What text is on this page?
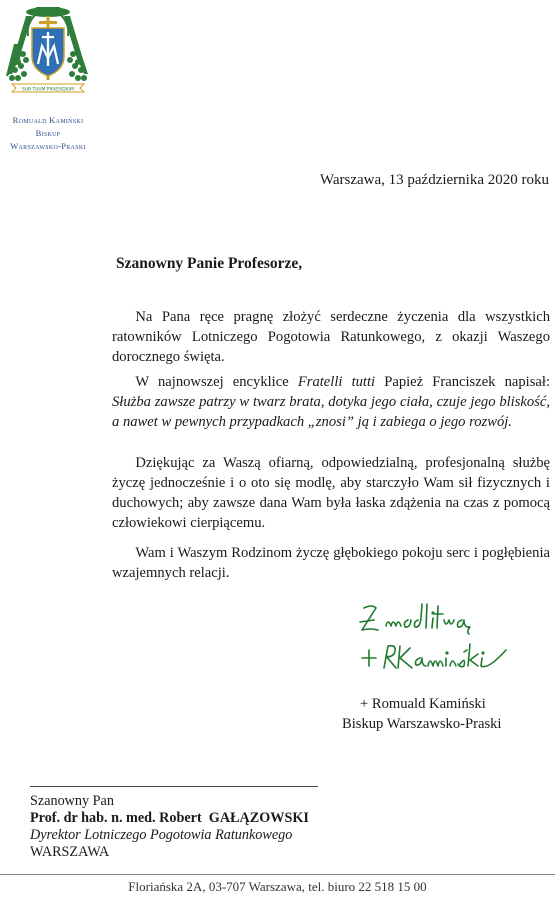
SUB TUUM PRAESIDIUM
Romuald Kamiński
Biskup
Warszawsko-Praski
Warszawa, 13 października 2020 roku
Szanowny Panie Profesorze,
Na Pana ręce pragnę złożyć serdeczne życzenia dla wszystkich ratowników Lotniczego Pogotowia Ratunkowego, z okazji Waszego dorocznego święta.
W najnowszej encyklice Fratelli tutti Papież Franciszek napisał: Służba zawsze patrzy w twarz brata, dotyka jego ciała, czuje jego bliskość, a nawet w pewnych przypadkach „znosi” ją i zabiega o jego rozwój.
Dziękując za Waszą ofiarną, odpowiedzialną, profesjonalną służbę życzę jednocześnie i o oto się modlę, aby starczyło Wam sił fizycznych i duchowych; aby zawsze dana Wam była łaska zdążenia na czas z pomocą człowiekowi cierpiącemu.
Wam i Waszym Rodzinom życzę głębokiego pokoju serc i pogłębienia wzajemnych relacji.
+ Romuald Kamiński
Biskup Warszawsko-Praski
Szanowny Pan
Prof. dr hab. n. med. Robert  GAŁĄZOWSKI
Dyrektor Lotniczego Pogotowia Ratunkowego
WARSZAWA
Floriańska 2A, 03-707 Warszawa, tel. biuro 22 518 15 00
